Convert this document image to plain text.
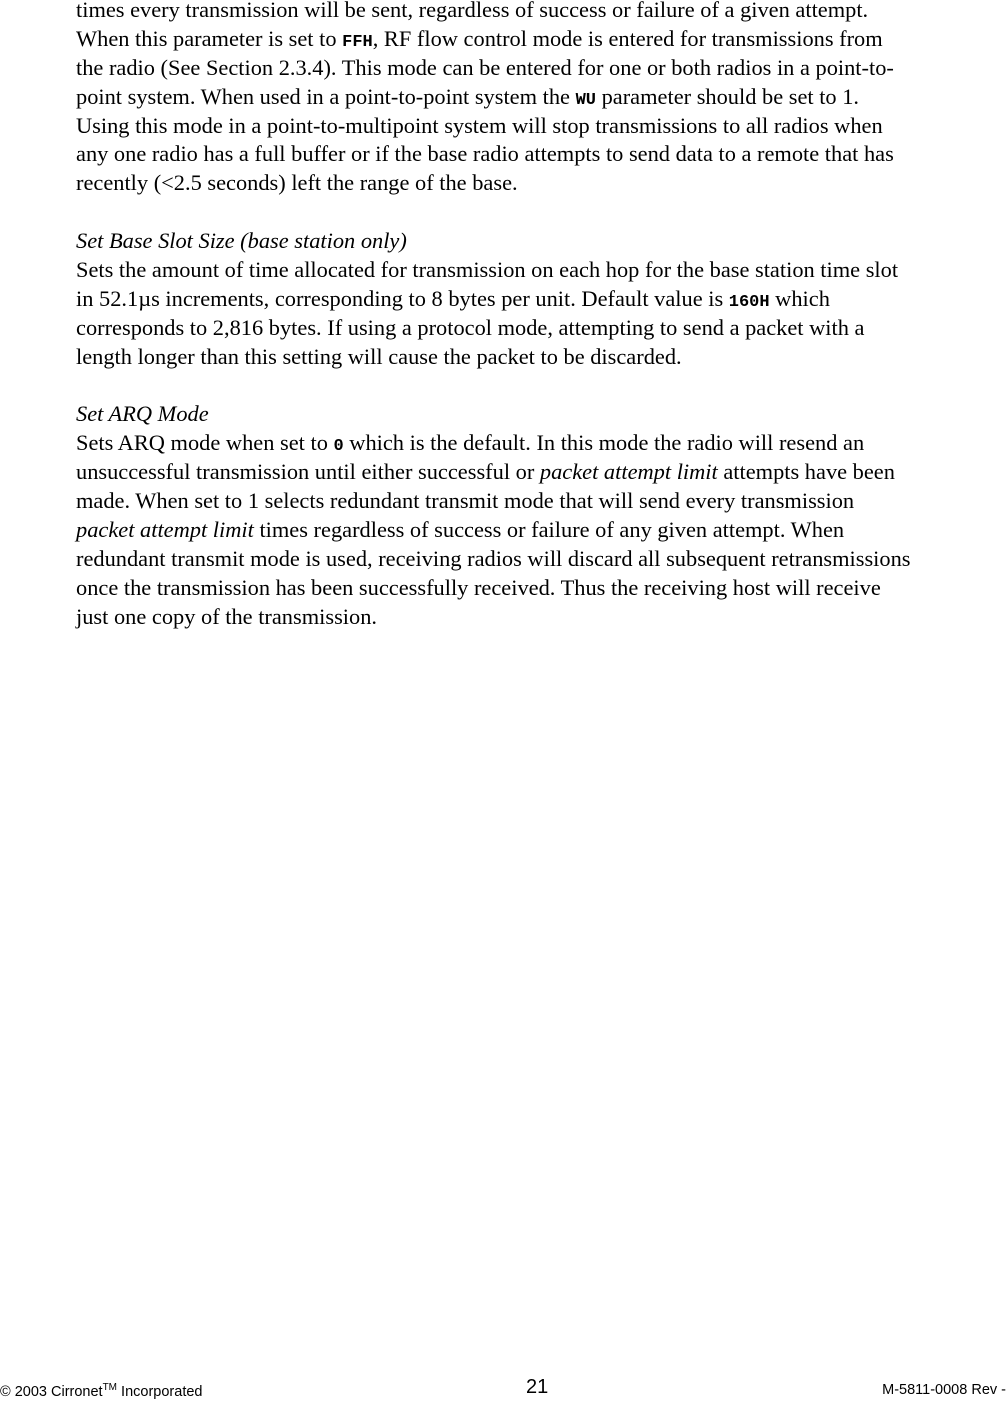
times every transmission will be sent, regardless of success or failure of a given attempt.
When this parameter is set to FFH, RF flow control mode is entered for transmissions from
the radio (See Section 2.3.4). This mode can be entered for one or both radios in a point-to-
point system. When used in a point-to-point system the WU parameter should be set to 1.
Using this mode in a point-to-multipoint system will stop transmissions to all radios when
any one radio has a full buffer or if the base radio attempts to send data to a remote that has
recently (<2.5 seconds) left the range of the base.
Set Base Slot Size (base station only)
Sets the amount of time allocated for transmission on each hop for the base station time slot
in 52.1µs increments, corresponding to 8 bytes per unit. Default value is 160H which
corresponds to 2,816 bytes. If using a protocol mode, attempting to send a packet with a
length longer than this setting will cause the packet to be discarded.
Set ARQ Mode
Sets ARQ mode when set to 0 which is the default. In this mode the radio will resend an
unsuccessful transmission until either successful or packet attempt limit attempts have been
made. When set to 1 selects redundant transmit mode that will send every transmission
packet attempt limit times regardless of success or failure of any given attempt. When
redundant transmit mode is used, receiving radios will discard all subsequent retransmissions
once the transmission has been successfully received. Thus the receiving host will receive
just one copy of the transmission.
© 2003 Cirronet™ Incorporated	21	M-5811-0008 Rev -
